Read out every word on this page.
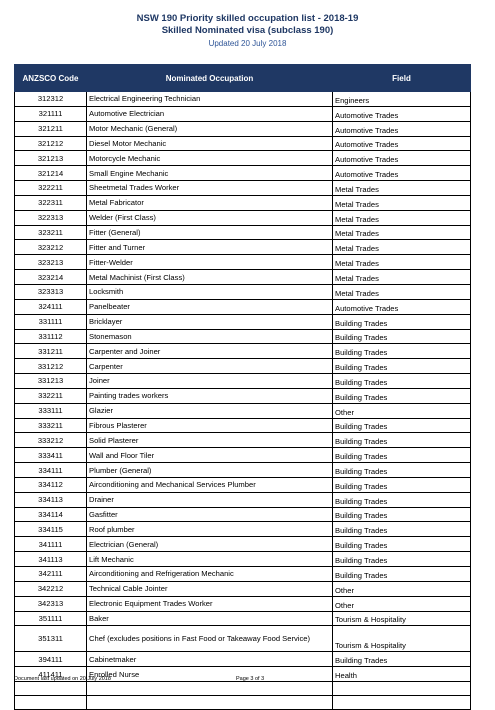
NSW 190 Priority skilled occupation list - 2018-19
Skilled Nominated visa (subclass 190)
Updated 20 July 2018
ANZSCO Code	Nominated Occupation	Field
312312	Electrical Engineering Technician	Engineers
321111	Automotive Electrician	Automotive Trades
321211	Motor Mechanic (General)	Automotive Trades
321212	Diesel Motor Mechanic	Automotive Trades
321213	Motorcycle Mechanic	Automotive Trades
321214	Small Engine Mechanic	Automotive Trades
322211	Sheetmetal Trades Worker	Metal Trades
322311	Metal Fabricator	Metal Trades
322313	Welder (First Class)	Metal Trades
323211	Fitter (General)	Metal Trades
323212	Fitter and Turner	Metal Trades
323213	Fitter-Welder	Metal Trades
323214	Metal Machinist (First Class)	Metal Trades
323313	Locksmith	Metal Trades
324111	Panelbeater	Automotive Trades
331111	Bricklayer	Building Trades
331112	Stonemason	Building Trades
331211	Carpenter and Joiner	Building Trades
331212	Carpenter	Building Trades
331213	Joiner	Building Trades
332211	Painting trades workers	Building Trades
333111	Glazier	Other
333211	Fibrous Plasterer	Building Trades
333212	Solid Plasterer	Building Trades
333411	Wall and Floor Tiler	Building Trades
334111	Plumber (General)	Building Trades
334112	Airconditioning and Mechanical Services Plumber	Building Trades
334113	Drainer	Building Trades
334114	Gasfitter	Building Trades
334115	Roof plumber	Building Trades
341111	Electrician (General)	Building Trades
341113	Lift Mechanic	Building Trades
342111	Airconditioning and Refrigeration Mechanic	Building Trades
342212	Technical Cable Jointer	Other
342313	Electronic Equipment Trades Worker	Other
351111	Baker	Tourism & Hospitality
351311	Chef (excludes positions in Fast Food or Takeaway Food Service)	Tourism & Hospitality
394111	Cabinetmaker	Building Trades
411411	Enrolled Nurse	Health

Document last updated on 20 July 2018	Page 3 of 3
